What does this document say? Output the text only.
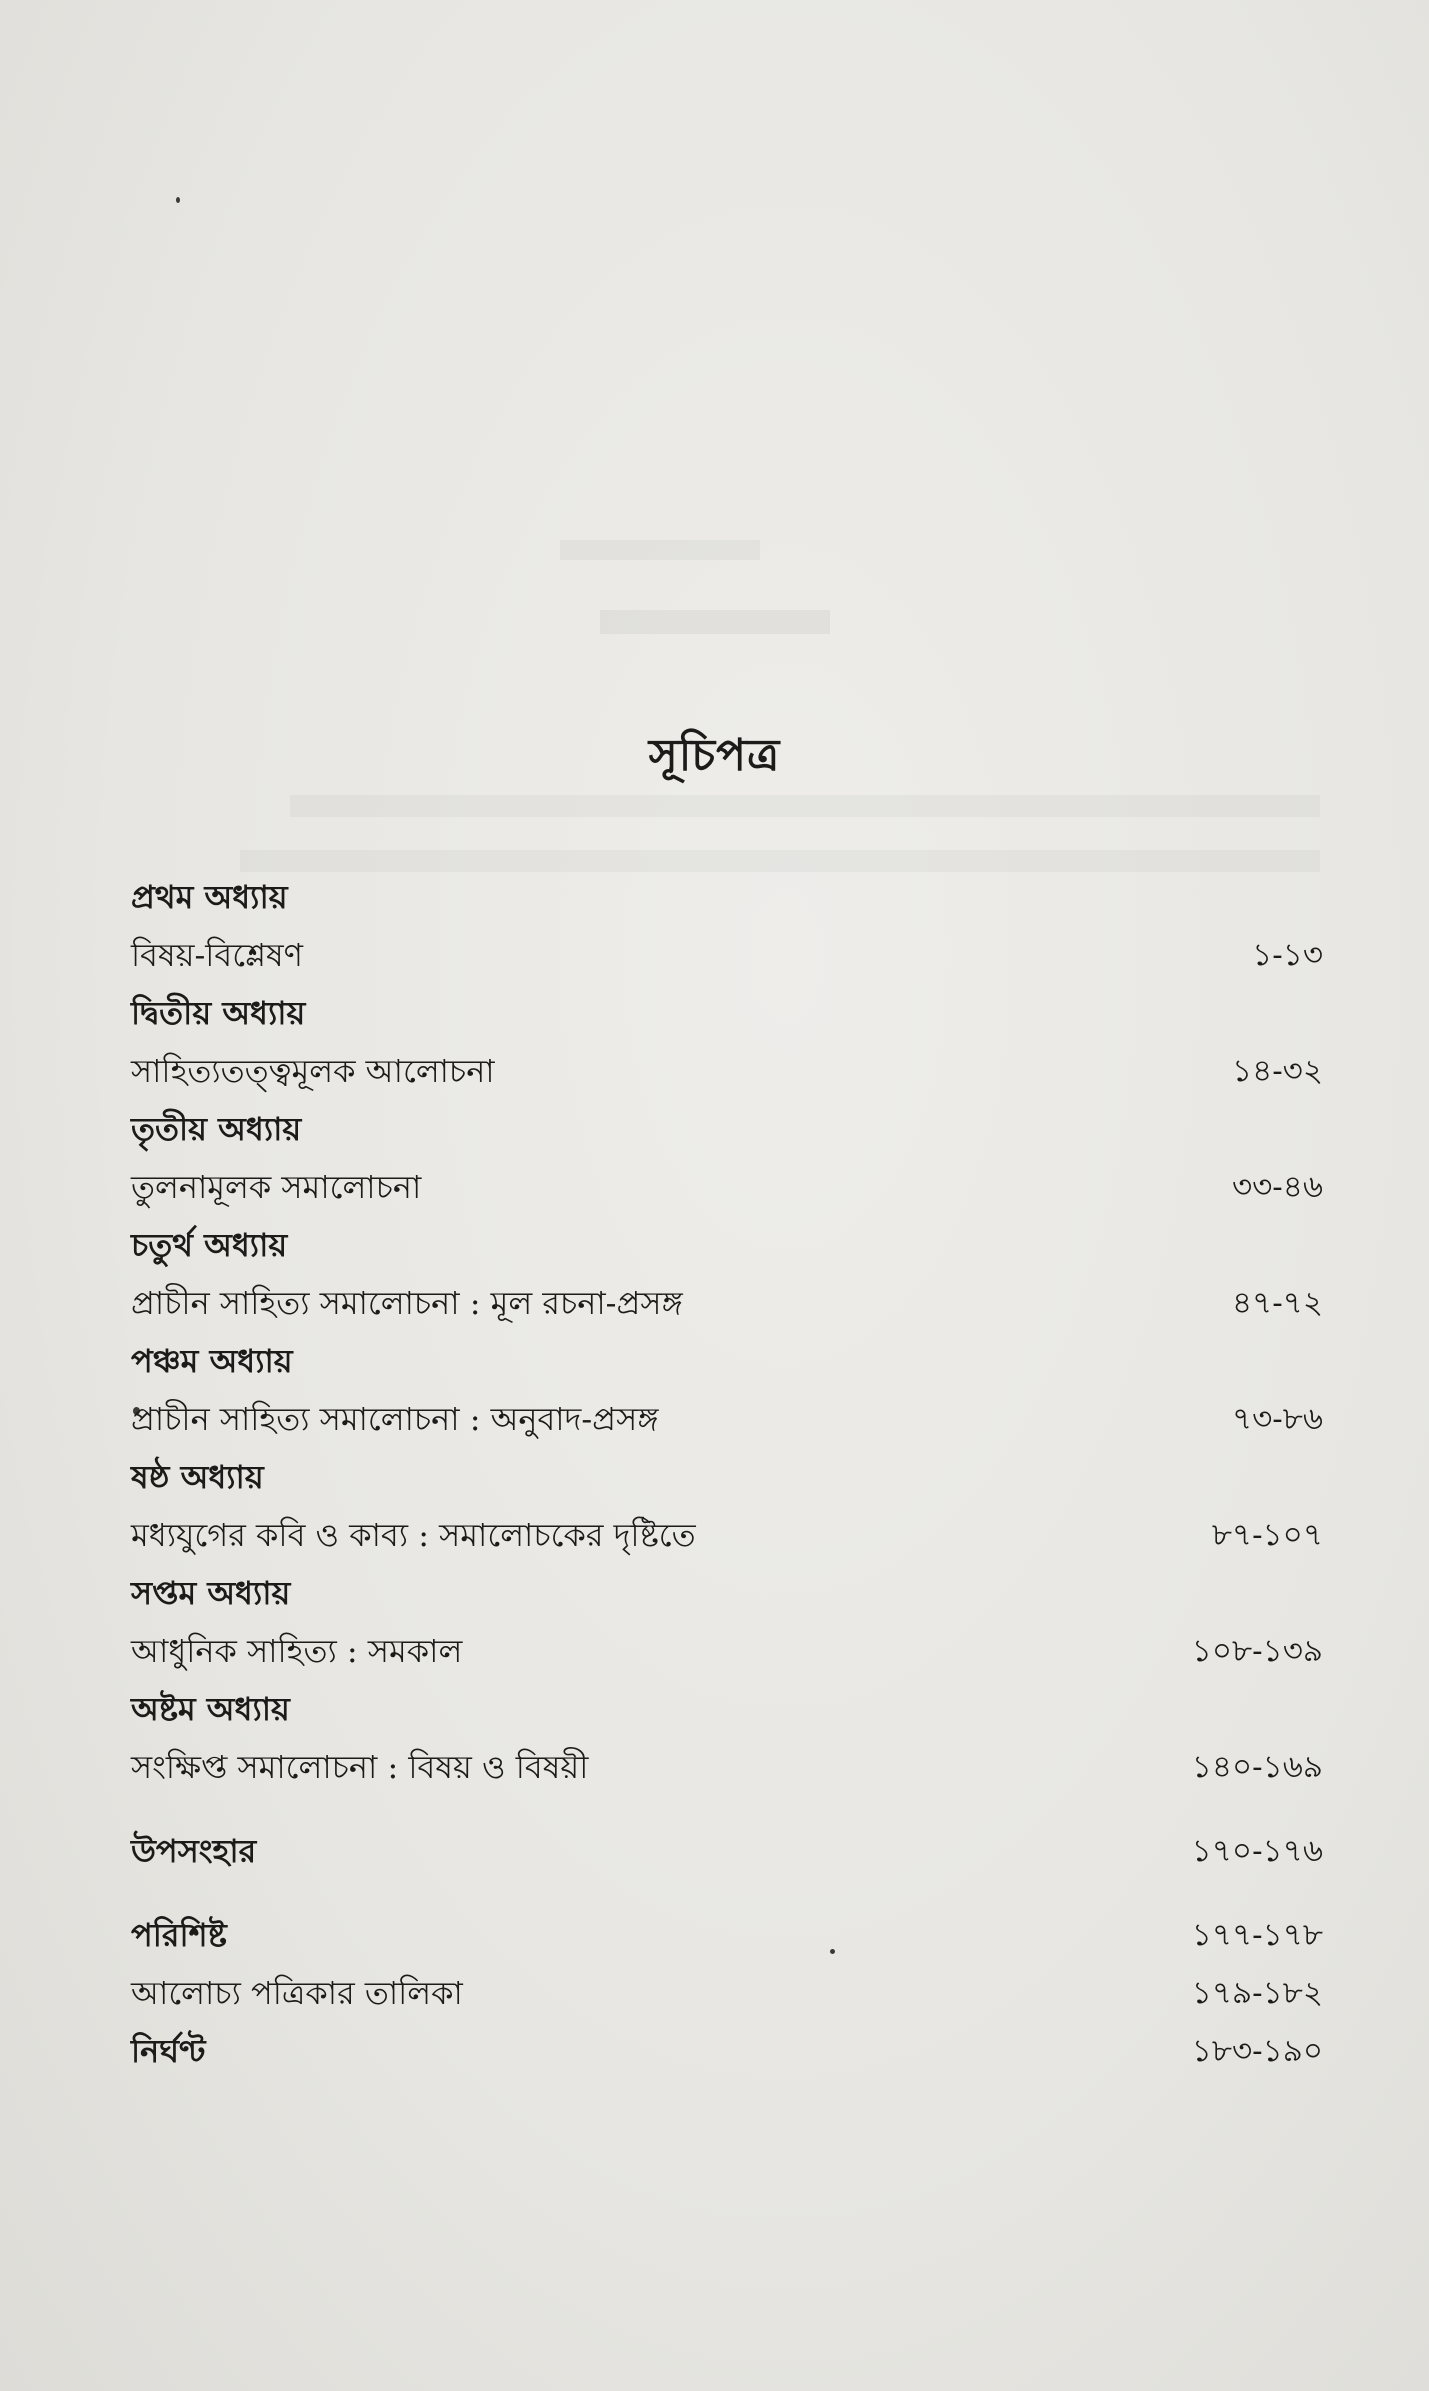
সূচিপত্র
প্রথম অধ্যায়
বিষয়-বিশ্লেষণ	১-১৩
দ্বিতীয় অধ্যায়
সাহিত্যতত্ত্বমূলক আলোচনা	১৪-৩২
তৃতীয় অধ্যায়
তুলনামূলক সমালোচনা	৩৩-৪৬
চতুর্থ অধ্যায়
প্রাচীন সাহিত্য সমালোচনা : মূল রচনা-প্রসঙ্গ	৪৭-৭২
পঞ্চম অধ্যায়
প্রাচীন সাহিত্য সমালোচনা : অনুবাদ-প্রসঙ্গ	৭৩-৮৬
ষষ্ঠ অধ্যায়
মধ্যযুগের কবি ও কাব্য : সমালোচকের দৃষ্টিতে	৮৭-১০৭
সপ্তম অধ্যায়
আধুনিক সাহিত্য : সমকাল	১০৮-১৩৯
অষ্টম অধ্যায়
সংক্ষিপ্ত সমালোচনা : বিষয় ও বিষয়ী	১৪০-১৬৯
উপসংহার	১৭০-১৭৬
পরিশিষ্ট	১৭৭-১৭৮
আলোচ্য পত্রিকার তালিকা	১৭৯-১৮২
নির্ঘণ্ট	১৮৩-১৯০
